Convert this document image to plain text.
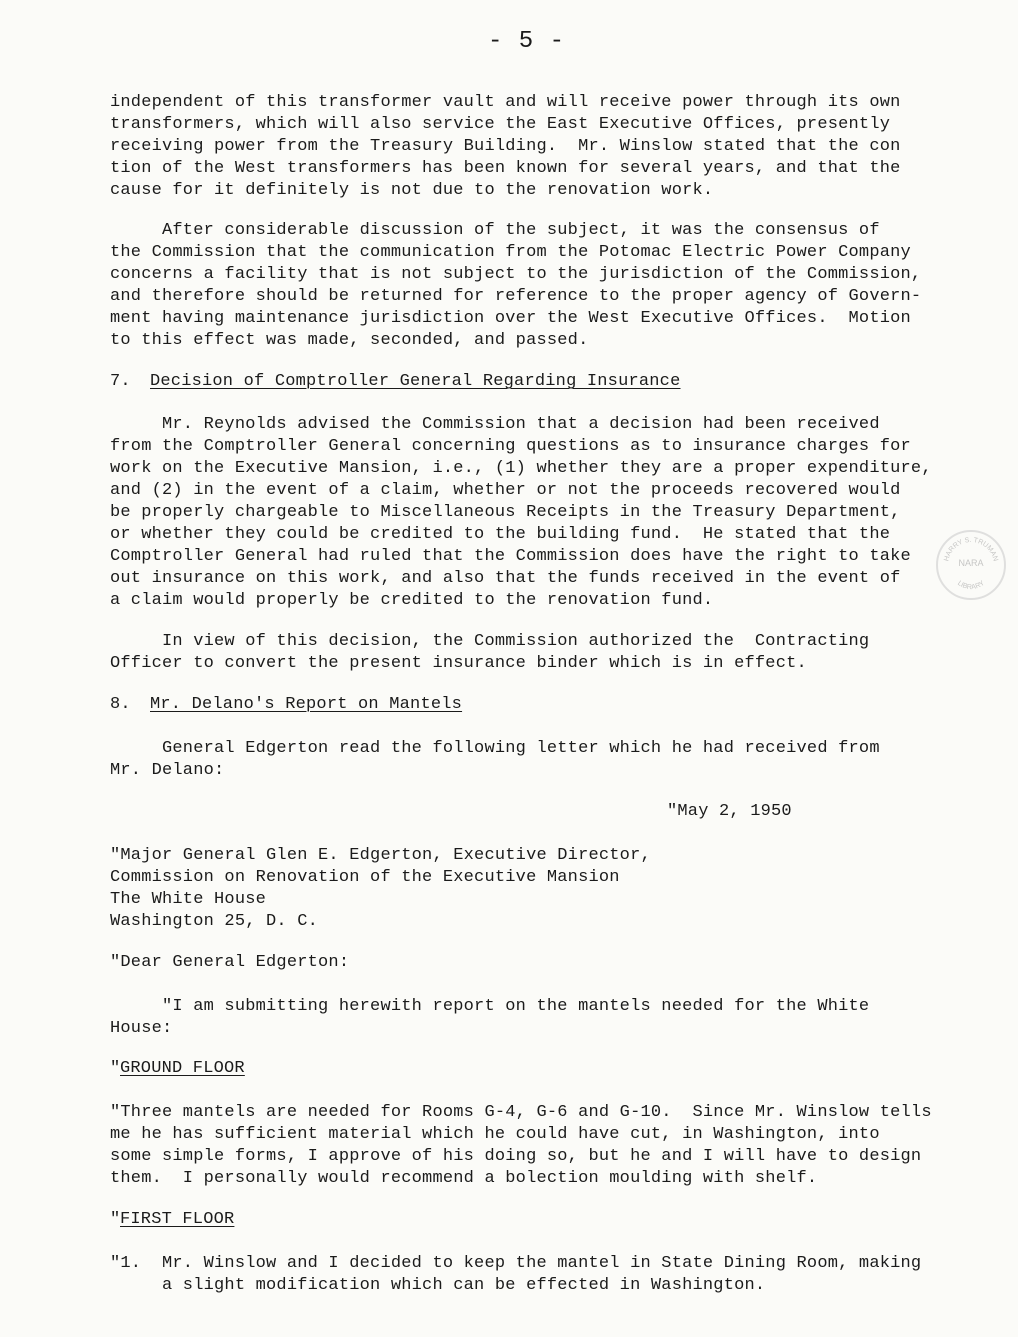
- 5 -
independent of this transformer vault and will receive power through its own
transformers, which will also service the East Executive Offices, presently
receiving power from the Treasury Building.  Mr. Winslow stated that the con
tion of the West transformers has been known for several years, and that the
cause for it definitely is not due to the renovation work.
After considerable discussion of the subject, it was the consensus of
the Commission that the communication from the Potomac Electric Power Company
concerns a facility that is not subject to the jurisdiction of the Commission,
and therefore should be returned for reference to the proper agency of Govern-
ment having maintenance jurisdiction over the West Executive Offices.  Motion
to this effect was made, seconded, and passed.
7. Decision of Comptroller General Regarding Insurance
Mr. Reynolds advised the Commission that a decision had been received
from the Comptroller General concerning questions as to insurance charges for
work on the Executive Mansion, i.e., (1) whether they are a proper expenditure,
and (2) in the event of a claim, whether or not the proceeds recovered would
be properly chargeable to Miscellaneous Receipts in the Treasury Department,
or whether they could be credited to the building fund.  He stated that the
Comptroller General had ruled that the Commission does have the right to take
out insurance on this work, and also that the funds received in the event of
a claim would properly be credited to the renovation fund.
In view of this decision, the Commission authorized the  Contracting
Officer to convert the present insurance binder which is in effect.
8. Mr. Delano's Report on Mantels
General Edgerton read the following letter which he had received from
Mr. Delano:
"May 2, 1950
"Major General Glen E. Edgerton, Executive Director,
Commission on Renovation of the Executive Mansion
The White House
Washington 25, D. C.
"Dear General Edgerton:
"I am submitting herewith report on the mantels needed for the White
House:
" GROUND FLOOR
"Three mantels are needed for Rooms G-4, G-6 and G-10.  Since Mr. Winslow tells
me he has sufficient material which he could have cut, in Washington, into
some simple forms, I approve of his doing so, but he and I will have to design
them.  I personally would recommend a bolection moulding with shelf.
" FIRST FLOOR
"1.  Mr. Winslow and I decided to keep the mantel in State Dining Room, making
a slight modification which can be effected in Washington.
HARRY S. TRUMAN
LIBRARY
NARA
